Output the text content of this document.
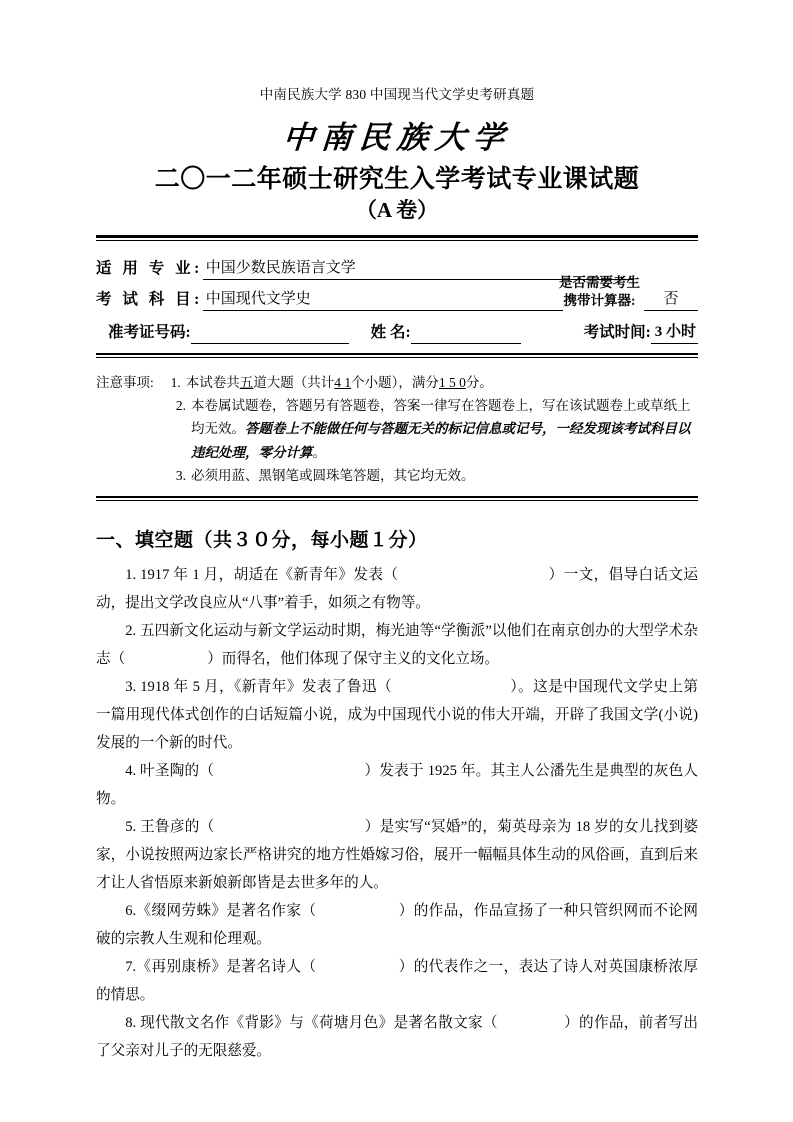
中南民族大学 830 中国现当代文学史考研真题
中南民族大学
二〇一二年硕士研究生入学考试专业课试题
（A 卷）
适 用 专 业: 中国少数民族语言文学
考 试 科 目: 中国现代文学史
是否需要考生
携带计算器:	否
准考证号码:	姓 名:	考试时间: 3 小时
注意事项:	1. 本试卷共五道大题（共计4 1个小题），满分1 5 0分。
2. 本卷属试题卷，答题另有答题卷，答案一律写在答题卷上，写在该试题卷上或草纸上均无效。答题卷上不能做任何与答题无关的标记信息或记号，一经发现该考试科目以违纪处理，零分计算。
3. 必须用蓝、黑钢笔或圆珠笔答题，其它均无效。
一、填空题（共３０分，每小题１分）

1. 1917 年 1 月，胡适在《新青年》发表（	）一文，倡导白话文运动，提出文学改良应从“八事”着手，如须之有物等。

2. 五四新文化运动与新文学运动时期，梅光迪等“学衡派”以他们在南京创办的大型学术杂志（	）而得名，他们体现了保守主义的文化立场。

3. 1918 年 5 月，《新青年》发表了鲁迅（	）。这是中国现代文学史上第一篇用现代体式创作的白话短篇小说，成为中国现代小说的伟大开端，开辟了我国文学(小说)发展的一个新的时代。

4. 叶圣陶的（	）发表于 1925 年。其主人公潘先生是典型的灰色人物。

5. 王鲁彦的（	）是实写“冥婚”的，菊英母亲为 18 岁的女儿找到婆家，小说按照两边家长严格讲究的地方性婚嫁习俗，展开一幅幅具体生动的风俗画，直到后来才让人省悟原来新娘新郎皆是去世多年的人。

6.《缀网劳蛛》是著名作家（	）的作品，作品宣扬了一种只管织网而不论网破的宗教人生观和伦理观。

7.《再别康桥》是著名诗人（	）的代表作之一，表达了诗人对英国康桥浓厚的情思。

8. 现代散文名作《背影》与《荷塘月色》是著名散文家（	）的作品，前者写出了父亲对儿子的无限慈爱。
